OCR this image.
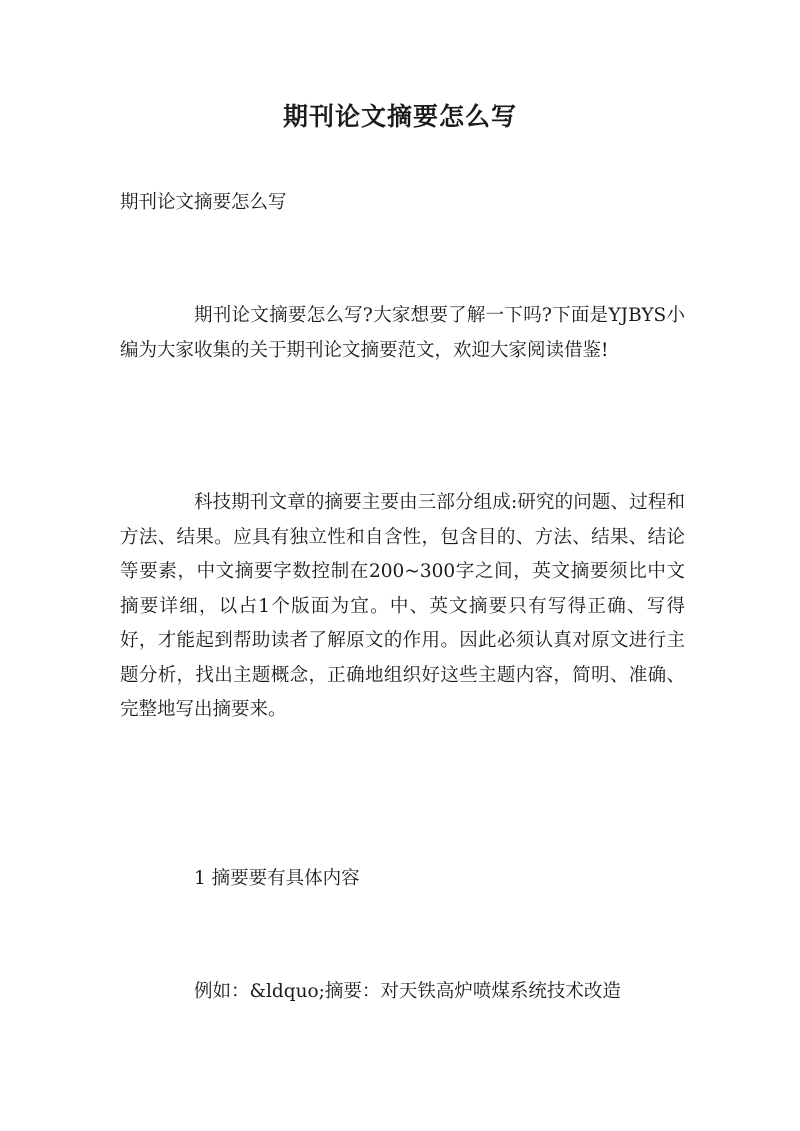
期刊论文摘要怎么写

期刊论文摘要怎么写

期刊论文摘要怎么写?大家想要了解一下吗?下面是YJBYS小编为大家收集的关于期刊论文摘要范文，欢迎大家阅读借鉴!

科技期刊文章的摘要主要由三部分组成:研究的问题、过程和方法、结果。应具有独立性和自含性，包含目的、方法、结果、结论等要素，中文摘要字数控制在200~300字之间，英文摘要须比中文摘要详细，以占1个版面为宜。中、英文摘要只有写得正确、写得好，才能起到帮助读者了解原文的作用。因此必须认真对原文进行主题分析，找出主题概念，正确地组织好这些主题内容，简明、准确、完整地写出摘要来。

1 摘要要有具体内容

例如：&ldquo;摘要：对天铁高炉喷煤系统技术改造
